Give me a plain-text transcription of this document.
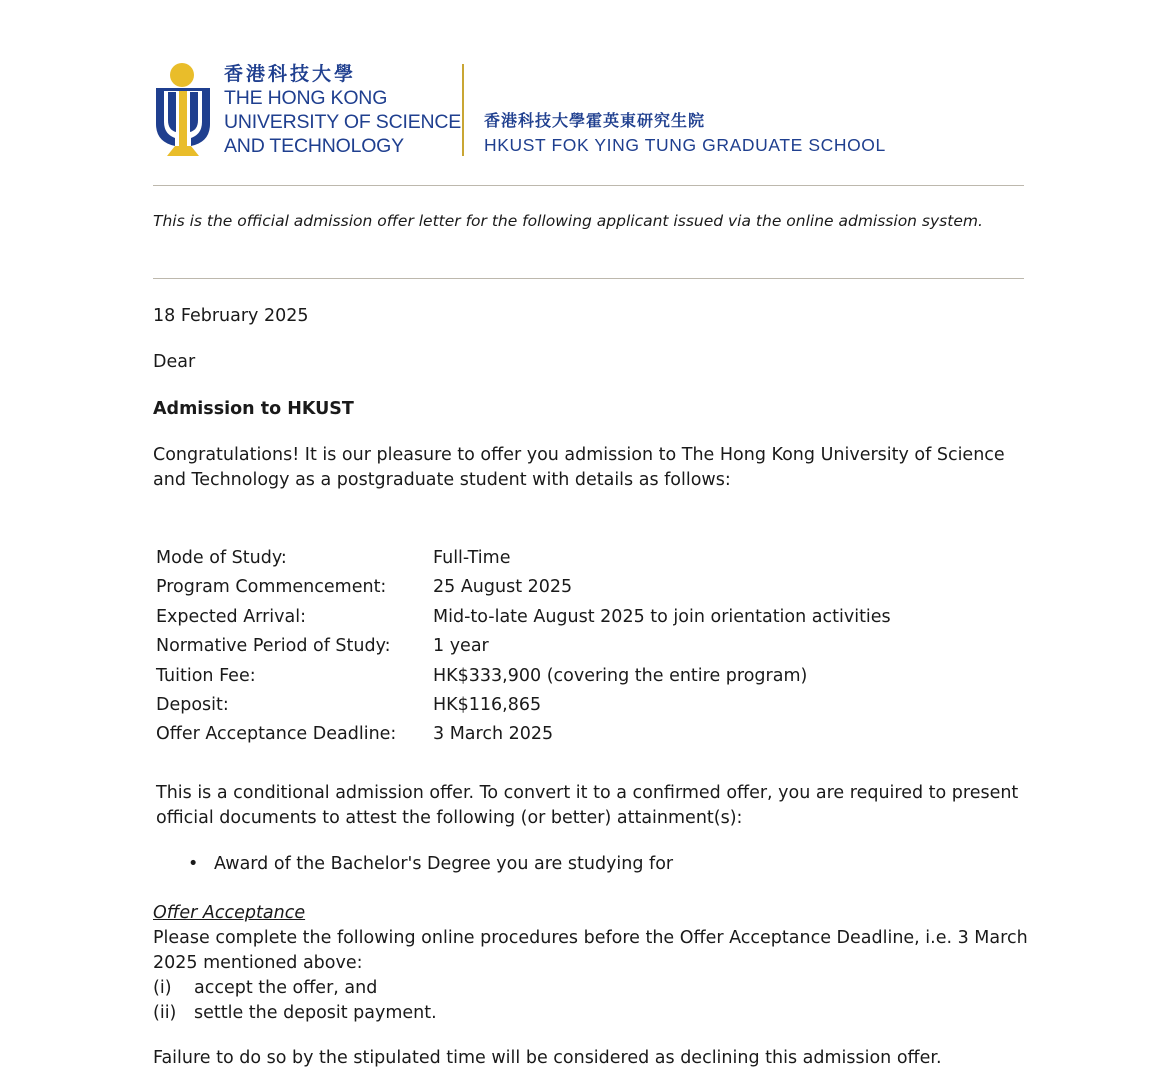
香港科技大學
THE HONG KONG
UNIVERSITY OF SCIENCE
AND TECHNOLOGY
香港科技大學霍英東研究生院
HKUST FOK YING TUNG GRADUATE SCHOOL
This is the official admission offer letter for the following applicant issued via the online admission system.
18 February 2025
Dear
Admission to HKUST
Congratulations! It is our pleasure to offer you admission to The Hong Kong University of Science and Technology as a postgraduate student with details as follows:
Mode of Study:	Full-Time
Program Commencement:	25 August 2025
Expected Arrival:	Mid-to-late August 2025 to join orientation activities
Normative Period of Study:	1 year
Tuition Fee:	HK$333,900 (covering the entire program)
Deposit:	HK$116,865
Offer Acceptance Deadline:	3 March 2025
This is a conditional admission offer. To convert it to a confirmed offer, you are required to present official documents to attest the following (or better) attainment(s):
• Award of the Bachelor's Degree you are studying for
Offer Acceptance
Please complete the following online procedures before the Offer Acceptance Deadline, i.e. 3 March 2025 mentioned above:
(i)	accept the offer, and
(ii)	settle the deposit payment.
Failure to do so by the stipulated time will be considered as declining this admission offer.
